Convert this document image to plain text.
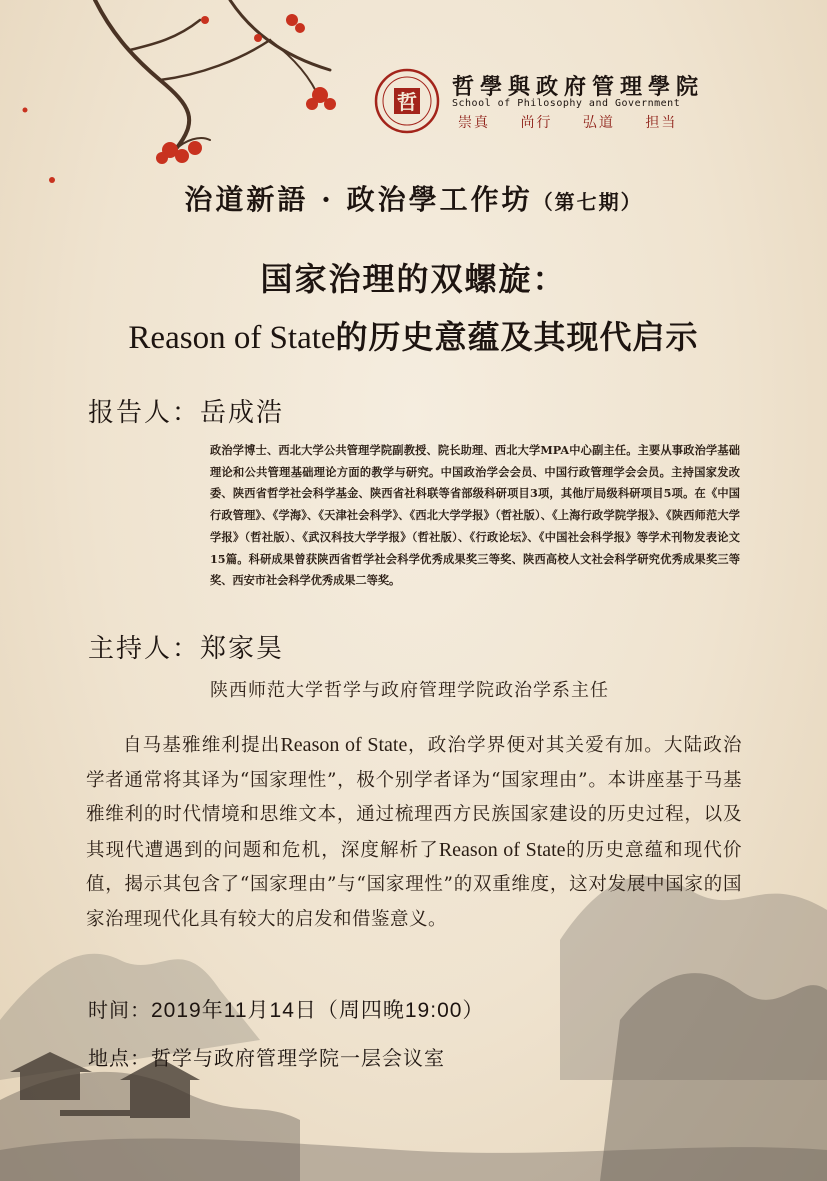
哲
哲學與政府管理學院
School of Philosophy and Government
崇真 尚行 弘道 担当
治道新語 · 政治學工作坊（第七期）
国家治理的双螺旋：
Reason of State的历史意蕴及其现代启示
报告人：岳成浩
政治学博士、西北大学公共管理学院副教授、院长助理、西北大学MPA中心副主任。主要从事政治学基础理论和公共管理基础理论方面的教学与研究。中国政治学会会员、中国行政管理学会会员。主持国家发改委、陕西省哲学社会科学基金、陕西省社科联等省部级科研项目3项，其他厅局级科研项目5项。在《中国行政管理》、《学海》、《天津社会科学》、《西北大学学报》（哲社版）、《上海行政学院学报》、《陕西师范大学学报》（哲社版）、《武汉科技大学学报》（哲社版）、《行政论坛》、《中国社会科学报》等学术刊物发表论文15篇。科研成果曾获陕西省哲学社会科学优秀成果奖三等奖、陕西高校人文社会科学研究优秀成果奖三等奖、西安市社会科学优秀成果二等奖。
主持人：郑家昊
陕西师范大学哲学与政府管理学院政治学系主任
自马基雅维利提出Reason of State，政治学界便对其关爱有加。大陆政治学者通常将其译为“国家理性”，极个别学者译为“国家理由”。本讲座基于马基雅维利的时代情境和思维文本，通过梳理西方民族国家建设的历史过程，以及其现代遭遇到的问题和危机，深度解析了Reason of State的历史意蕴和现代价值，揭示其包含了“国家理由”与“国家理性”的双重维度，这对发展中国家的国家治理现代化具有较大的启发和借鉴意义。
时间：2019年11月14日（周四晚19:00）
地点：哲学与政府管理学院一层会议室
